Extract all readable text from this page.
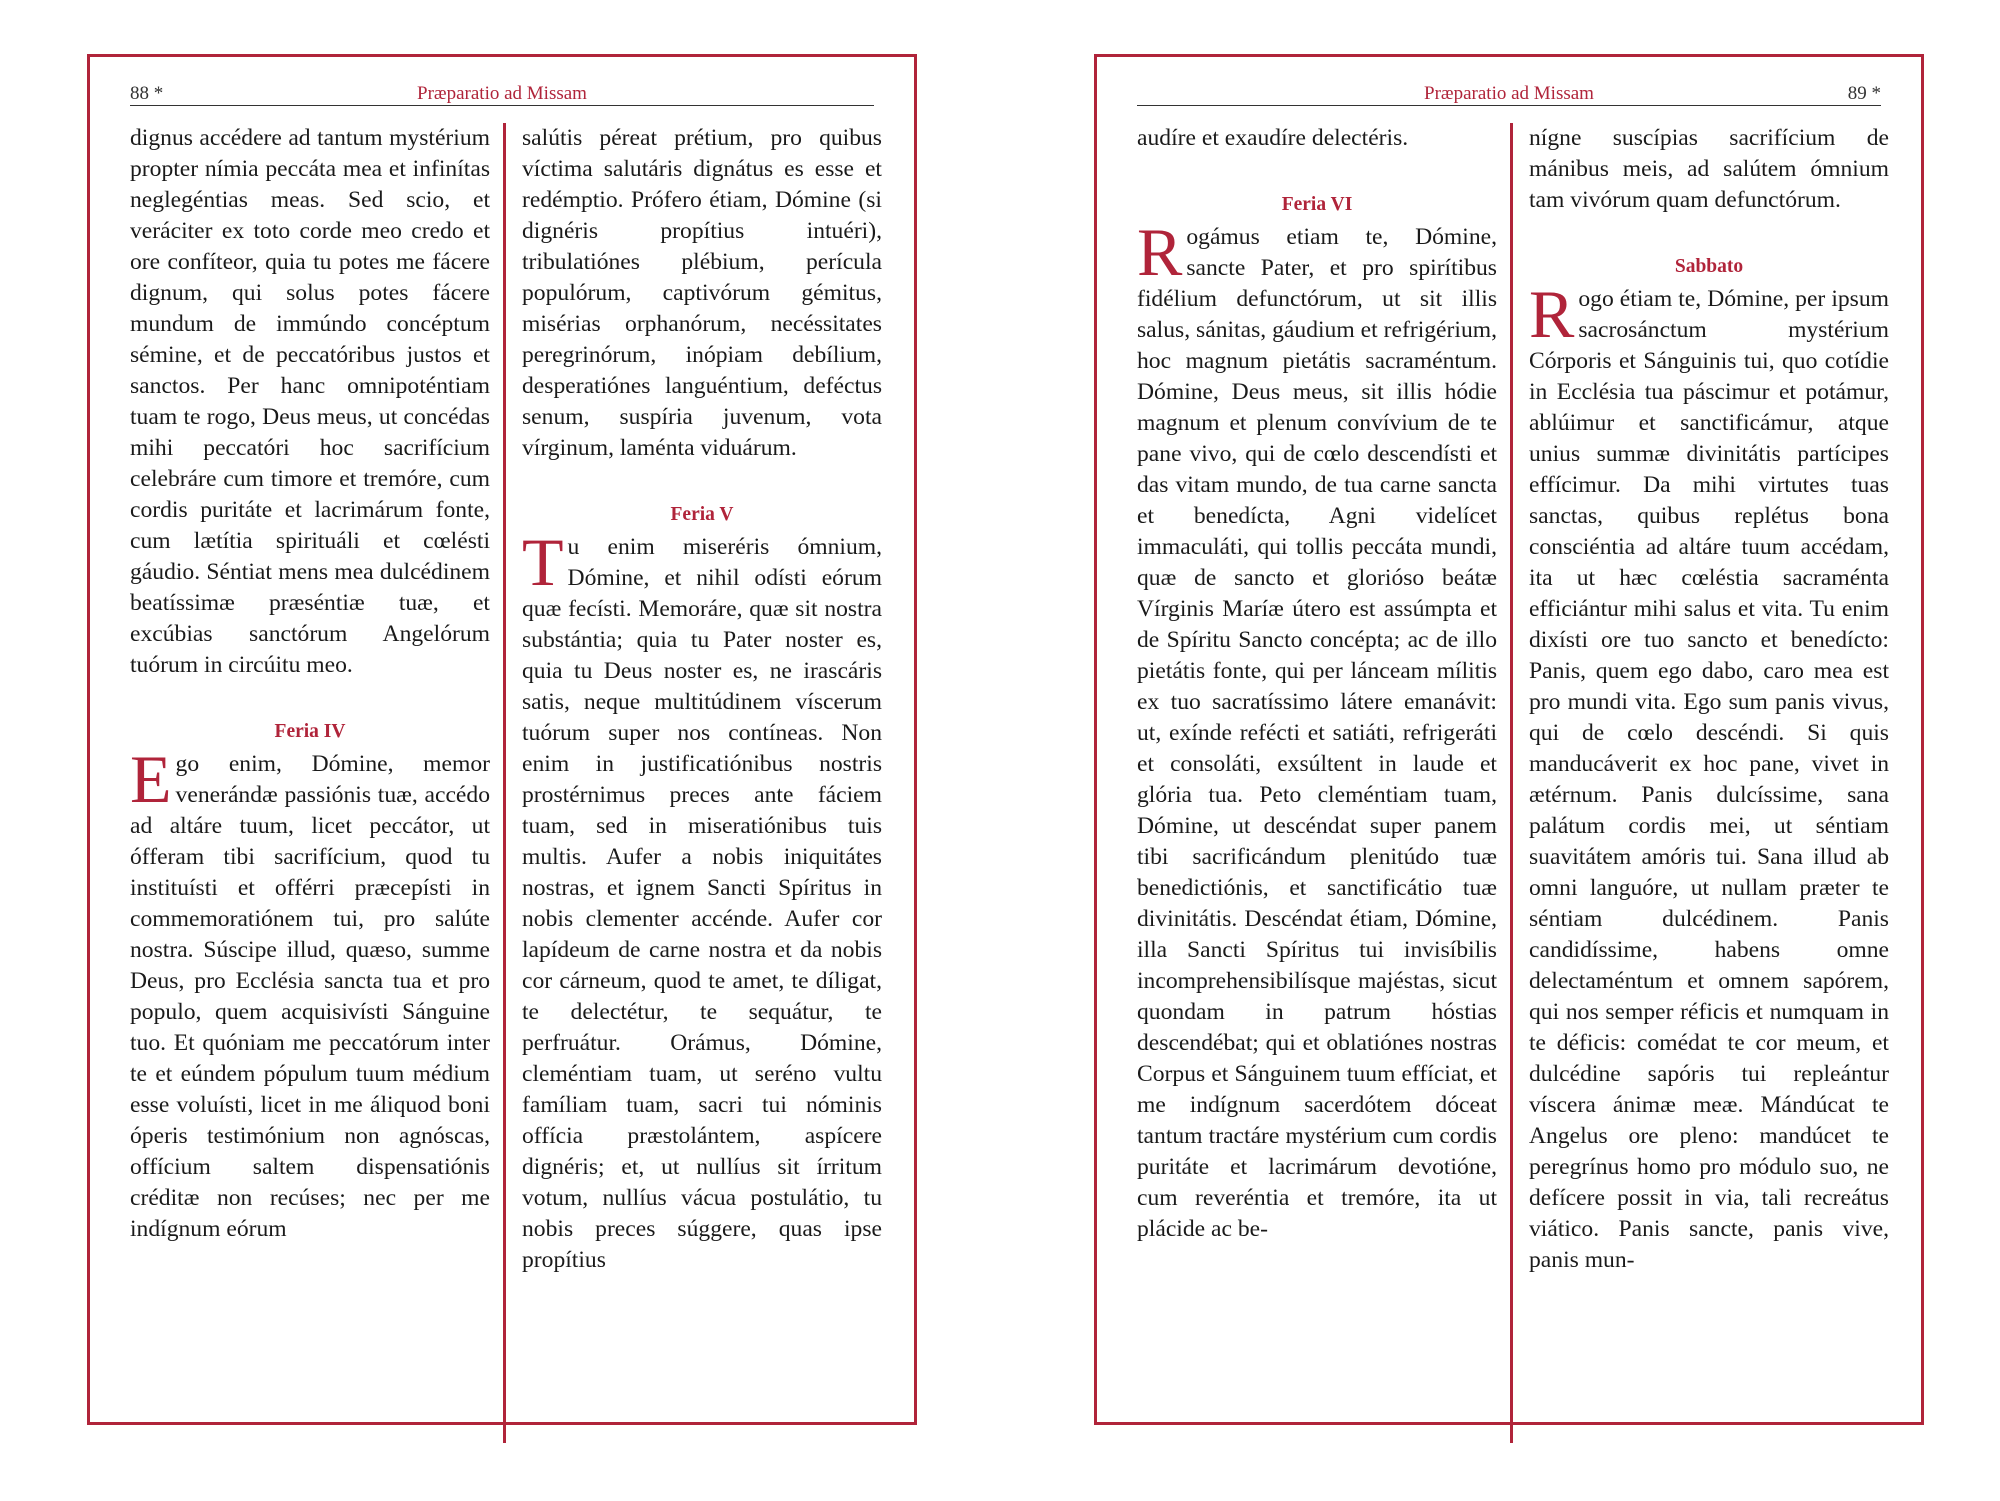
88 *	Præparatio ad Missam

dignus accédere ad tantum mystérium propter nímia peccáta mea et infinítas neglegéntias meas. Sed scio, et veráciter ex toto corde meo credo et ore confíteor, quia tu potes me fácere dignum, qui solus potes fácere mundum de immúndo concéptum sémine, et de peccatóribus justos et sanctos. Per hanc omnipoténtiam tuam te rogo, Deus meus, ut concédas mihi peccatóri hoc sacrifícium celebráre cum timore et tremóre, cum cordis puritáte et lacrimárum fonte, cum lætítia spirituáli et cœlésti gáudio. Séntiat mens mea dulcédinem beatíssimæ præséntiæ tuæ, et excúbias sanctórum Angelórum tuórum in circúitu meo.

Feria IV

Ego enim, Dómine, memor venerándæ passiónis tuæ, accédo ad altáre tuum, licet peccátor, ut ófferam tibi sacrifícium, quod tu instituísti et offérri præcepísti in commemoratiónem tui, pro salúte nostra. Súscipe illud, quæso, summe Deus, pro Ecclésia sancta tua et pro populo, quem acquisivísti Sánguine tuo. Et quóniam me peccatórum inter te et eúndem pópulum tuum médium esse voluísti, licet in me áliquod boni óperis testimónium non agnóscas, offícium saltem dispensatiónis créditæ non recúses; nec per me indígnum eórum

salútis péreat prétium, pro quibus víctima salutáris dignátus es esse et redémptio. Prófero étiam, Dómine (si dignéris propítius intuéri), tribulatiónes plébium, perícula populórum, captivórum gémitus, misérias orphanórum, necéssitates peregrinórum, inópiam debílium, desperatiónes languéntium, deféctus senum, suspíria juvenum, vota vírginum, laménta viduárum.

Feria V

Tu enim miseréris ómnium, Dómine, et nihil odísti eórum quæ fecísti. Memoráre, quæ sit nostra substántia; quia tu Pater noster es, quia tu Deus noster es, ne irascáris satis, neque multitúdinem víscerum tuórum super nos contíneas. Non enim in justificatiónibus nostris prostérnimus preces ante fáciem tuam, sed in miseratiónibus tuis multis. Aufer a nobis iniquitátes nostras, et ignem Sancti Spíritus in nobis clementer accénde. Aufer cor lapídeum de carne nostra et da nobis cor cárneum, quod te amet, te díligat, te delectétur, te sequátur, te perfruátur. Orámus, Dómine, cleméntiam tuam, ut seréno vultu famíliam tuam, sacri tui nóminis offícia præstolántem, aspícere dignéris; et, ut nullíus sit írritum votum, nullíus vácua postulátio, tu nobis preces súggere, quas ipse propítius

Præparatio ad Missam	89 *

audíre et exaudíre delectéris.

Feria VI

Rogámus etiam te, Dómine, sancte Pater, et pro spirítibus fidélium defunctórum, ut sit illis salus, sánitas, gáudium et refrigérium, hoc magnum pietátis sacraméntum. Dómine, Deus meus, sit illis hódie magnum et plenum convívium de te pane vivo, qui de cœlo descendísti et das vitam mundo, de tua carne sancta et benedícta, Agni videlícet immaculáti, qui tollis peccáta mundi, quæ de sancto et glorióso beátæ Vírginis Maríæ útero est assúmpta et de Spíritu Sancto concépta; ac de illo pietátis fonte, qui per lánceam mílitis ex tuo sacratíssimo látere emanávit: ut, exínde refécti et satiáti, refrigeráti et consoláti, exsúltent in laude et glória tua. Peto cleméntiam tuam, Dómine, ut descéndat super panem tibi sacrificándum plenitúdo tuæ benedictiónis, et sanctificátio tuæ divinitátis. Descéndat étiam, Dómine, illa Sancti Spíritus tui invisíbilis incomprehensibilísque majéstas, sicut quondam in patrum hóstias descendébat; qui et oblatiónes nostras Corpus et Sánguinem tuum effíciat, et me indígnum sacerdótem dóceat tantum tractáre mystérium cum cordis puritáte et lacrimárum devotióne, cum reveréntia et tremóre, ita ut plácide ac be-

nígne suscípias sacrifícium de mánibus meis, ad salútem ómnium tam vivórum quam defunctórum.

Sabbato

Rogo étiam te, Dómine, per ipsum sacrosánctum mystérium Córporis et Sánguinis tui, quo cotídie in Ecclésia tua páscimur et potámur, ablúimur et sanctificámur, atque unius summæ divinitátis partícipes effícimur. Da mihi virtutes tuas sanctas, quibus replétus bona consciéntia ad altáre tuum accédam, ita ut hæc cœléstia sacraménta efficiántur mihi salus et vita. Tu enim dixísti ore tuo sancto et benedícto: Panis, quem ego dabo, caro mea est pro mundi vita. Ego sum panis vivus, qui de cœlo descéndi. Si quis manducáverit ex hoc pane, vivet in ætérnum. Panis dulcíssime, sana palátum cordis mei, ut séntiam suavitátem amóris tui. Sana illud ab omni languóre, ut nullam præter te séntiam dulcédinem. Panis candidíssime, habens omne delectaméntum et omnem sapórem, qui nos semper réficis et numquam in te déficis: comédat te cor meum, et dulcédine sapóris tui repleántur víscera ánimæ meæ. Mándúcat te Angelus ore pleno: mandúcet te peregrínus homo pro módulo suo, ne defícere possit in via, tali recreátus viático. Panis sancte, panis vive, panis mun-
